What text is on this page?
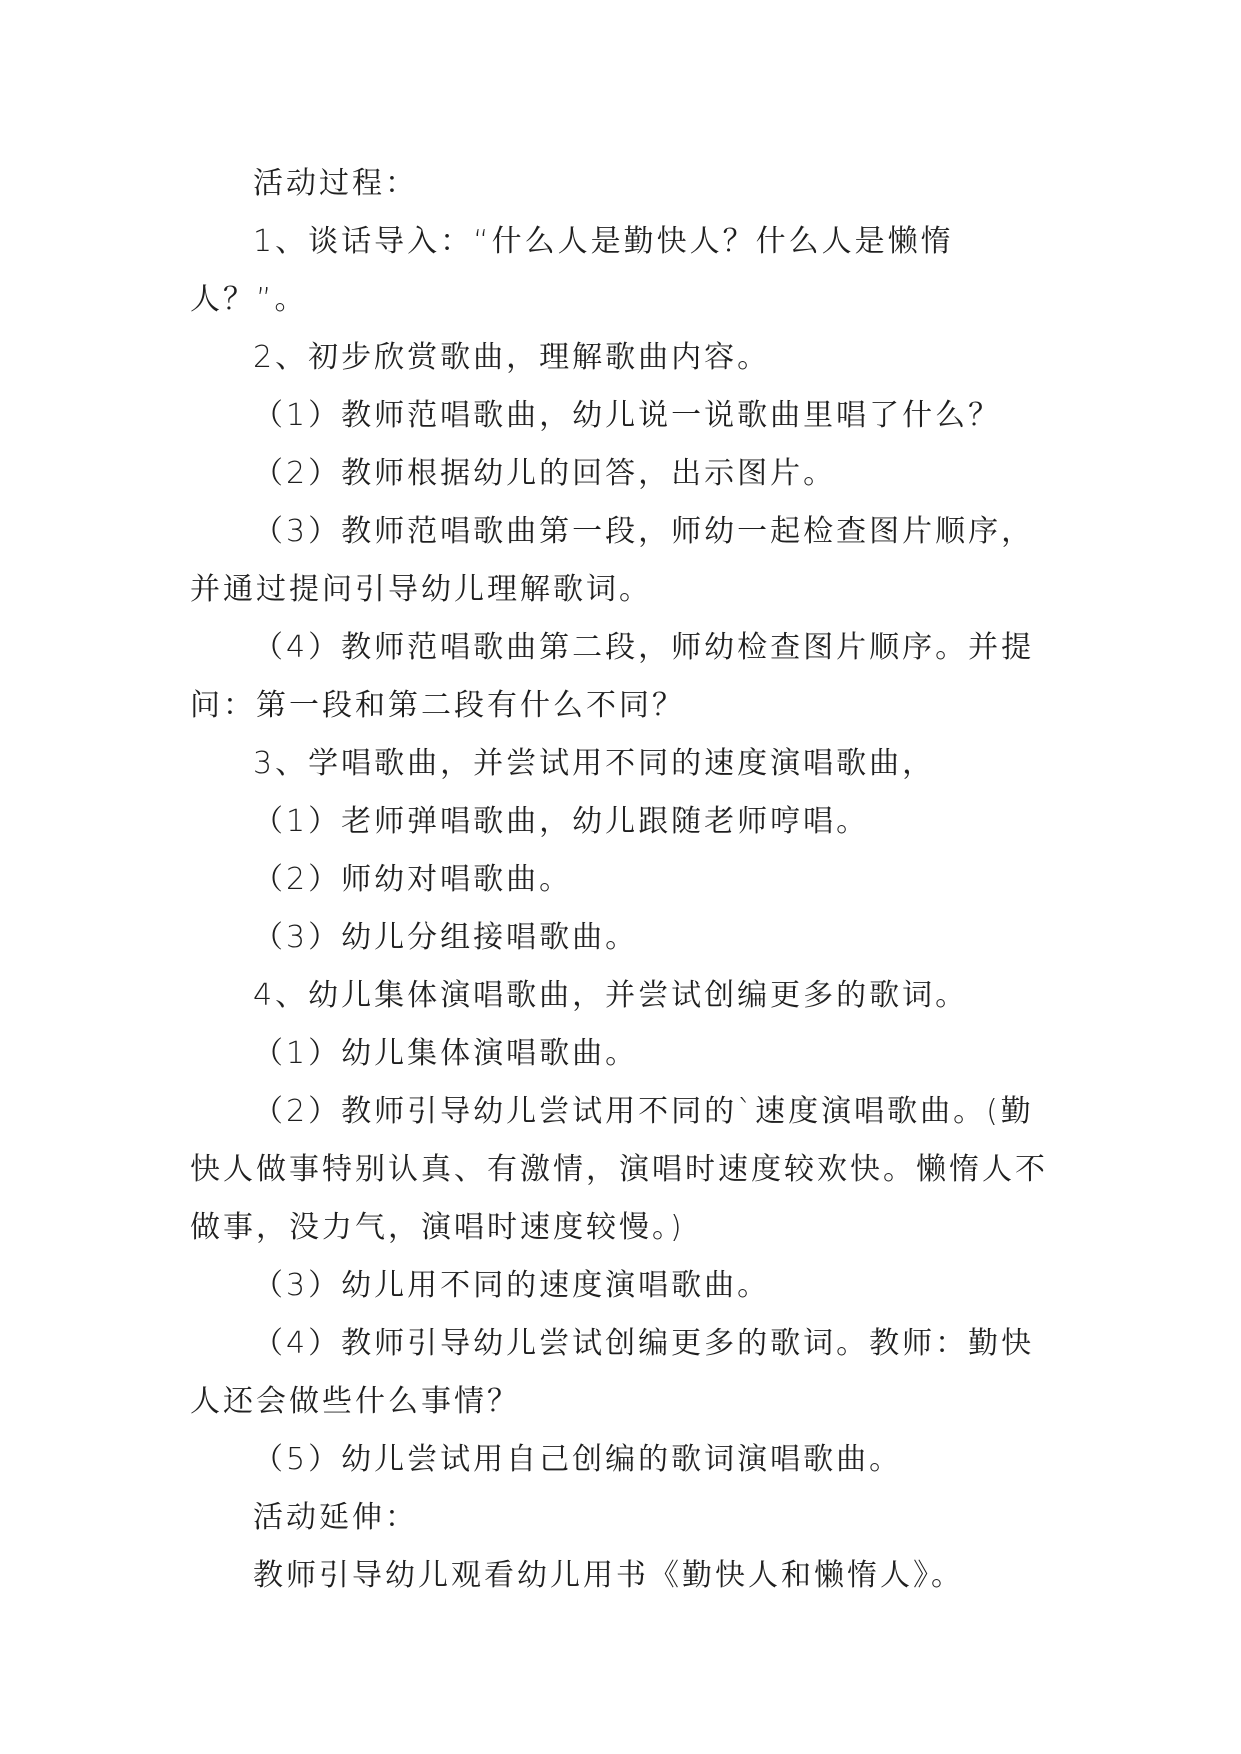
活动过程：

1、谈话导入：“什么人是勤快人？什么人是懒惰人？”。

2、初步欣赏歌曲，理解歌曲内容。

（1）教师范唱歌曲，幼儿说一说歌曲里唱了什么？

（2）教师根据幼儿的回答，出示图片。

（3）教师范唱歌曲第一段，师幼一起检查图片顺序，并通过提问引导幼儿理解歌词。

（4）教师范唱歌曲第二段，师幼检查图片顺序。并提问：第一段和第二段有什么不同？

3、学唱歌曲，并尝试用不同的速度演唱歌曲，

（1）老师弹唱歌曲，幼儿跟随老师哼唱。

（2）师幼对唱歌曲。

（3）幼儿分组接唱歌曲。

4、幼儿集体演唱歌曲，并尝试创编更多的歌词。

（1）幼儿集体演唱歌曲。

（2）教师引导幼儿尝试用不同的`速度演唱歌曲。(勤快人做事特别认真、有激情，演唱时速度较欢快。懒惰人不做事，没力气，演唱时速度较慢。)

（3）幼儿用不同的速度演唱歌曲。

（4）教师引导幼儿尝试创编更多的歌词。教师：勤快人还会做些什么事情？

（5）幼儿尝试用自己创编的歌词演唱歌曲。

活动延伸：

教师引导幼儿观看幼儿用书《勤快人和懒惰人》。
